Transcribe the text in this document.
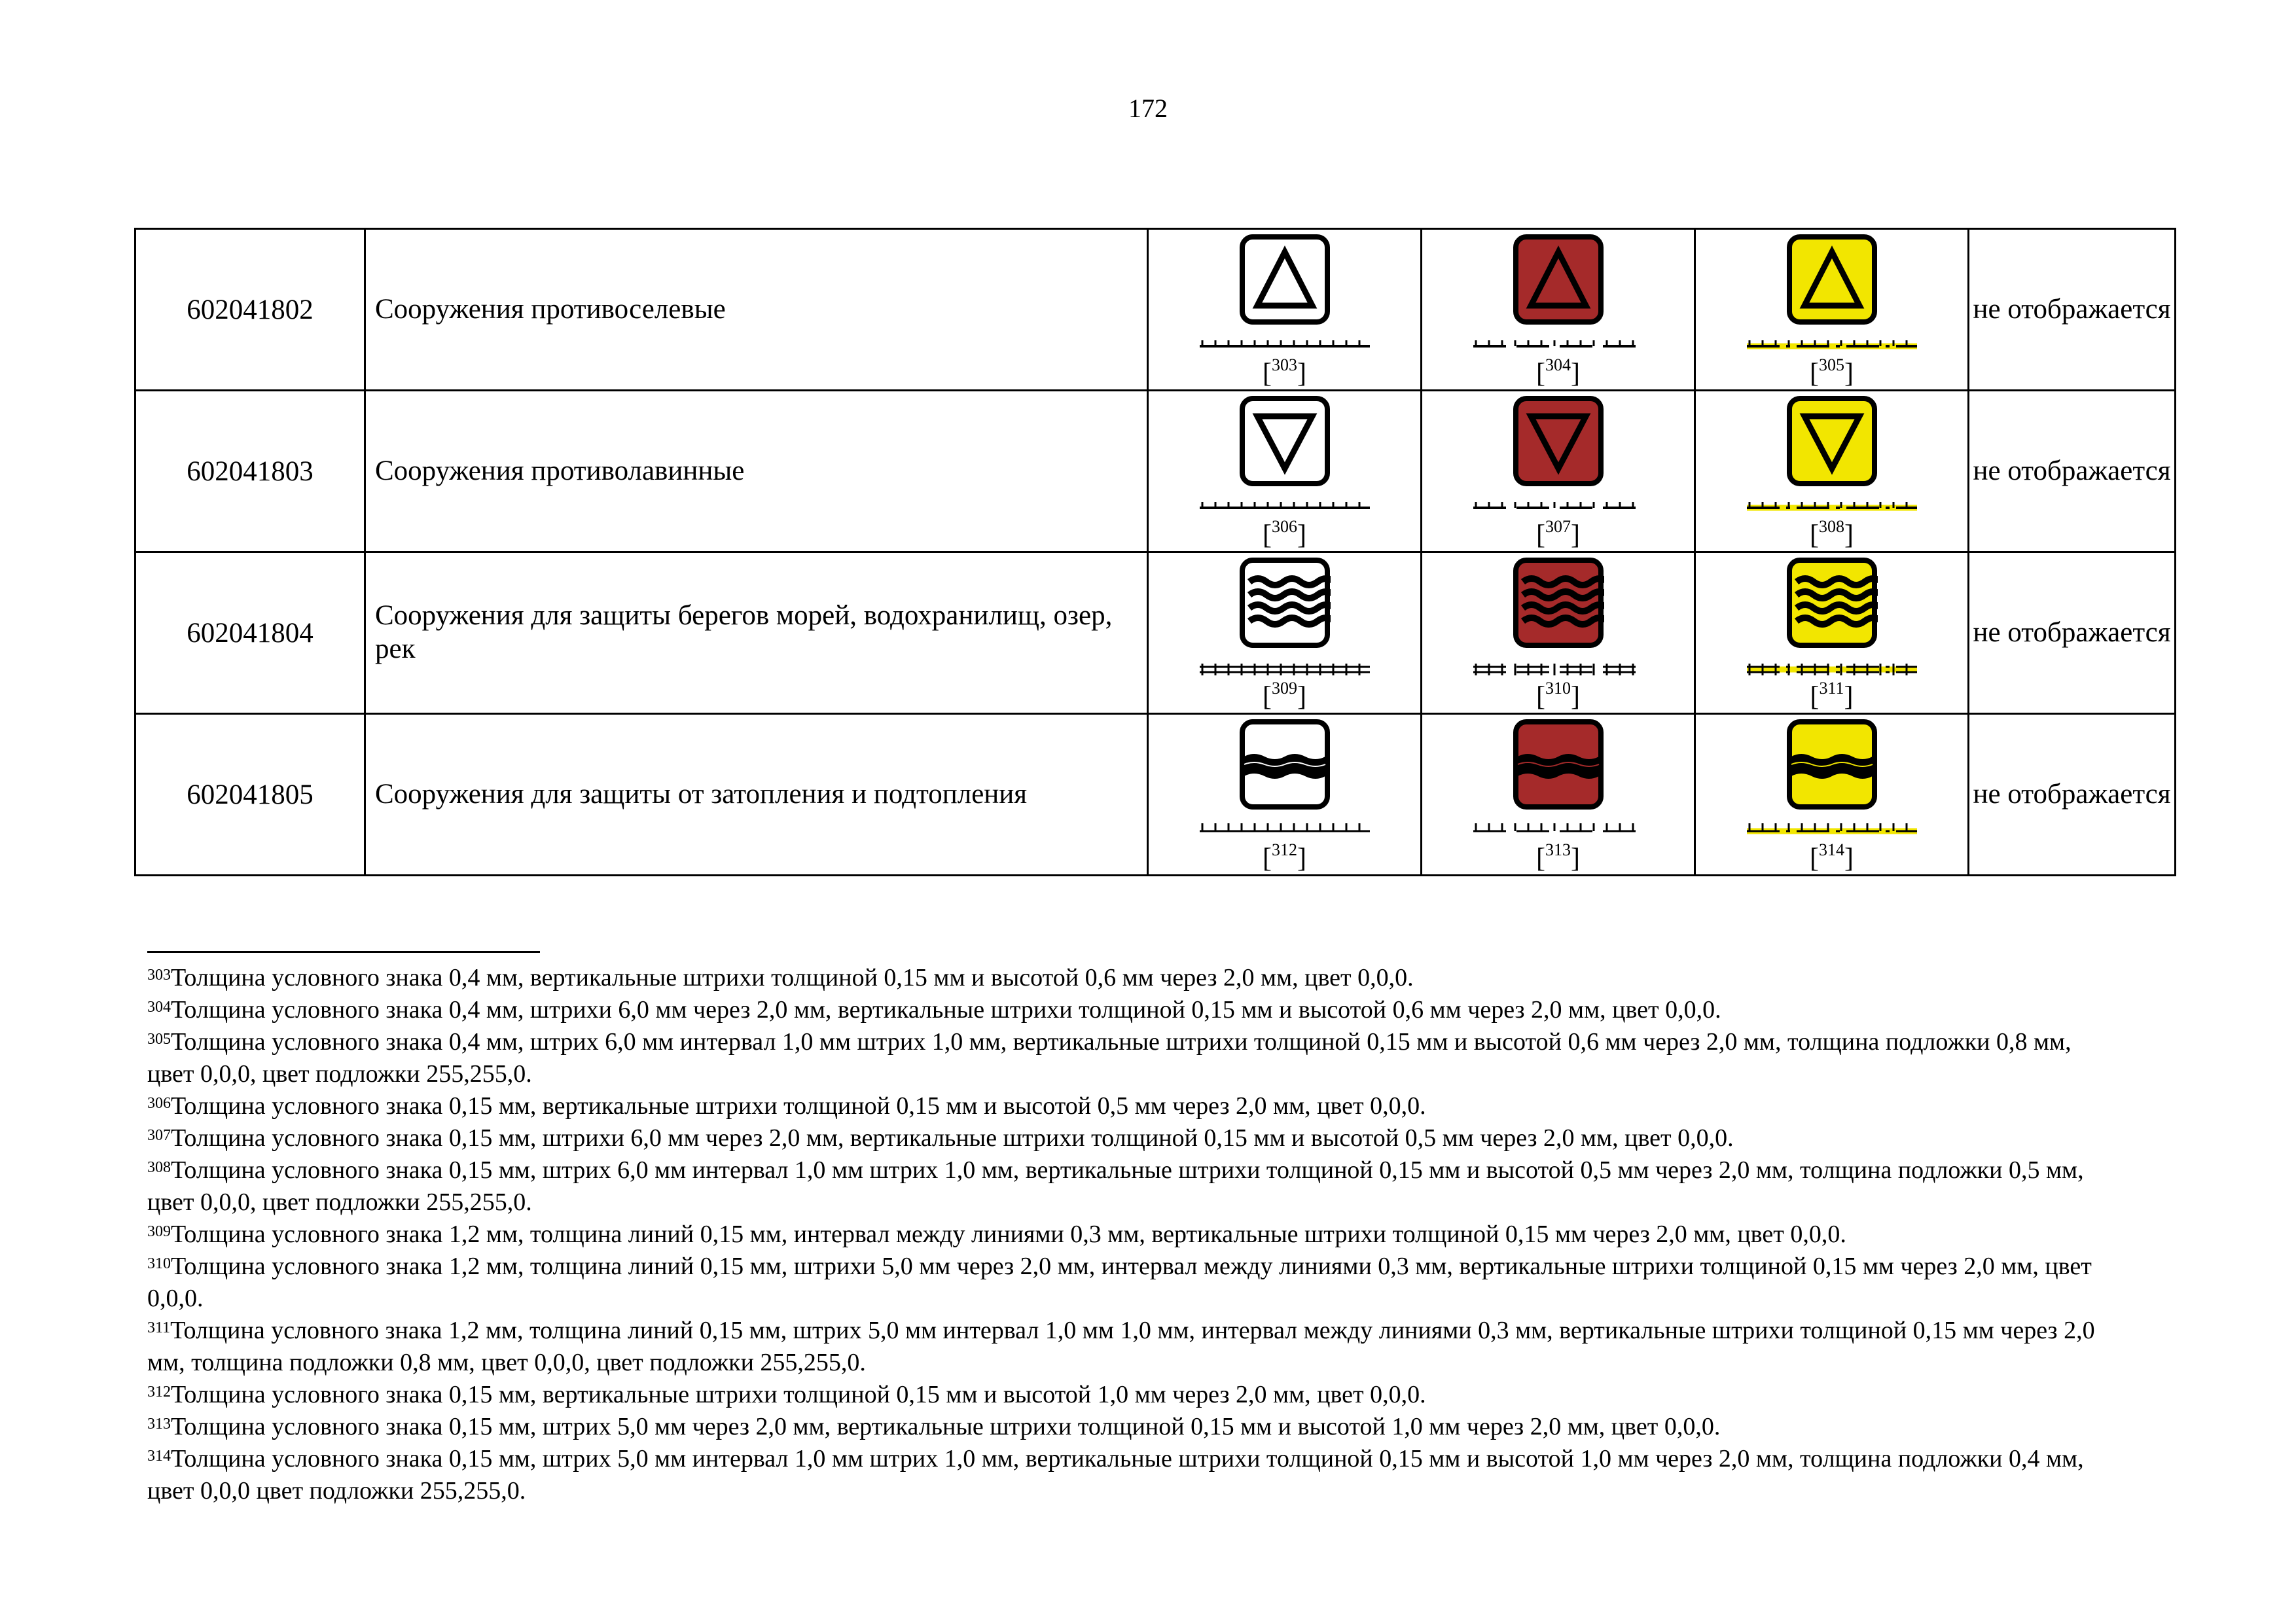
172
602041802	Сооружения противоселевые	[303]	[304]	[305]	не отображается
602041803	Сооружения противолавинные	[306]	[307]	[308]	не отображается
602041804	Сооружения для защиты берегов морей, водохранилищ, озер, рек	[309]	[310]	[311]	не отображается
602041805	Сооружения для защиты от затопления и подтопления	[312]	[313]	[314]	не отображается

$^{303}$Толщина условного знака 0,4 мм, вертикальные штрихи толщиной 0,15 мм и высотой 0,6 мм через 2,0 мм, цвет 0,0,0.

$^{304}$Толщина условного знака 0,4 мм, штрихи 6,0 мм через 2,0 мм, вертикальные штрихи толщиной 0,15 мм и высотой 0,6 мм через 2,0 мм, цвет 0,0,0.

$^{305}$Толщина условного знака 0,4 мм, штрих 6,0 мм интервал 1,0 мм штрих 1,0 мм, вертикальные штрихи толщиной 0,15 мм и высотой 0,6 мм через 2,0 мм, толщина подложки 0,8 мм, цвет 0,0,0, цвет подложки 255,255,0.

$^{306}$Толщина условного знака 0,15 мм, вертикальные штрихи толщиной 0,15 мм и высотой 0,5 мм через 2,0 мм, цвет 0,0,0.

$^{307}$Толщина условного знака 0,15 мм, штрихи 6,0 мм через 2,0 мм, вертикальные штрихи толщиной 0,15 мм и высотой 0,5 мм через 2,0 мм, цвет 0,0,0.

$^{308}$Толщина условного знака 0,15 мм, штрих 6,0 мм интервал 1,0 мм штрих 1,0 мм, вертикальные штрихи толщиной 0,15 мм и высотой 0,5 мм через 2,0 мм, толщина подложки 0,5 мм, цвет 0,0,0, цвет подложки 255,255,0.

$^{309}$Толщина условного знака 1,2 мм, толщина линий 0,15 мм, интервал между линиями 0,3 мм, вертикальные штрихи толщиной 0,15 мм через 2,0 мм, цвет 0,0,0.

$^{310}$Толщина условного знака 1,2 мм, толщина линий 0,15 мм, штрихи 5,0 мм через 2,0 мм, интервал между линиями 0,3 мм, вертикальные штрихи толщиной 0,15 мм через 2,0 мм, цвет 0,0,0.

$^{311}$Толщина условного знака 1,2 мм, толщина линий 0,15 мм, штрих 5,0 мм интервал 1,0 мм 1,0 мм, интервал между линиями 0,3 мм, вертикальные штрихи толщиной 0,15 мм через 2,0 мм, толщина подложки 0,8 мм, цвет 0,0,0, цвет подложки 255,255,0.

$^{312}$Толщина условного знака 0,15 мм, вертикальные штрихи толщиной 0,15 мм и высотой 1,0 мм через 2,0 мм, цвет 0,0,0.

$^{313}$Толщина условного знака 0,15 мм, штрих 5,0 мм через 2,0 мм, вертикальные штрихи толщиной 0,15 мм и высотой 1,0 мм через 2,0 мм, цвет 0,0,0.

$^{314}$Толщина условного знака 0,15 мм, штрих 5,0 мм интервал 1,0 мм штрих 1,0 мм, вертикальные штрихи толщиной 0,15 мм и высотой 1,0 мм через 2,0 мм, толщина подложки 0,4 мм, цвет 0,0,0 цвет подложки 255,255,0.
